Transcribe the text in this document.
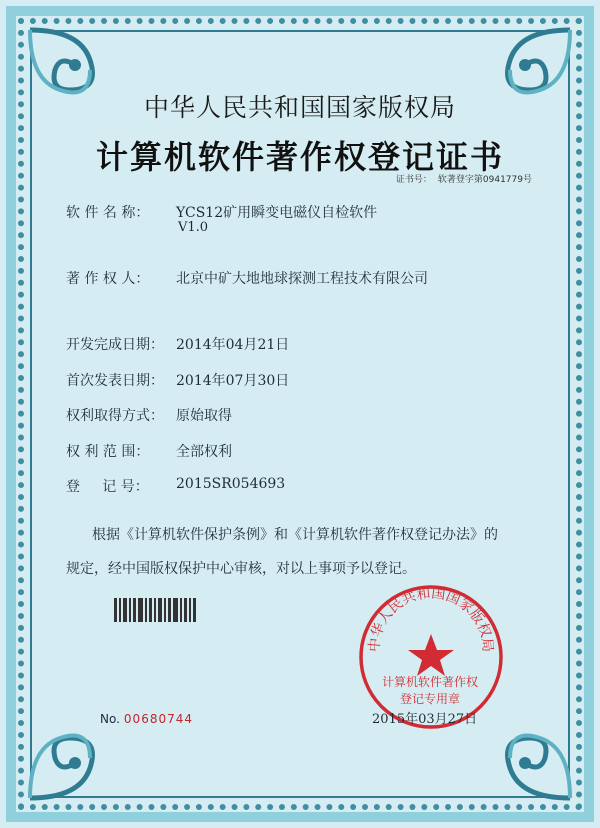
中华人民共和国国家版权局
计算机软件著作权登记证书
证书号： 软著登字第0941779号
软 件 名 称：	YCS12矿用瞬变电磁仪自检软件
V1.0
著 作 权 人：	北京中矿大地地球探测工程技术有限公司
开发完成日期： 2014年04月21日
首次发表日期： 2014年07月30日
权利取得方式： 原始取得
权 利 范 围：	全部权利
登     记 号：	2015SR054693

根据《计算机软件保护条例》和《计算机软件著作权登记办法》的

规定，经中国版权保护中心审核，对以上事项予以登记。

中华人民共和国国家版权局

计算机软件著作权

登记专用章

No. 00680744	2015年03月27日
